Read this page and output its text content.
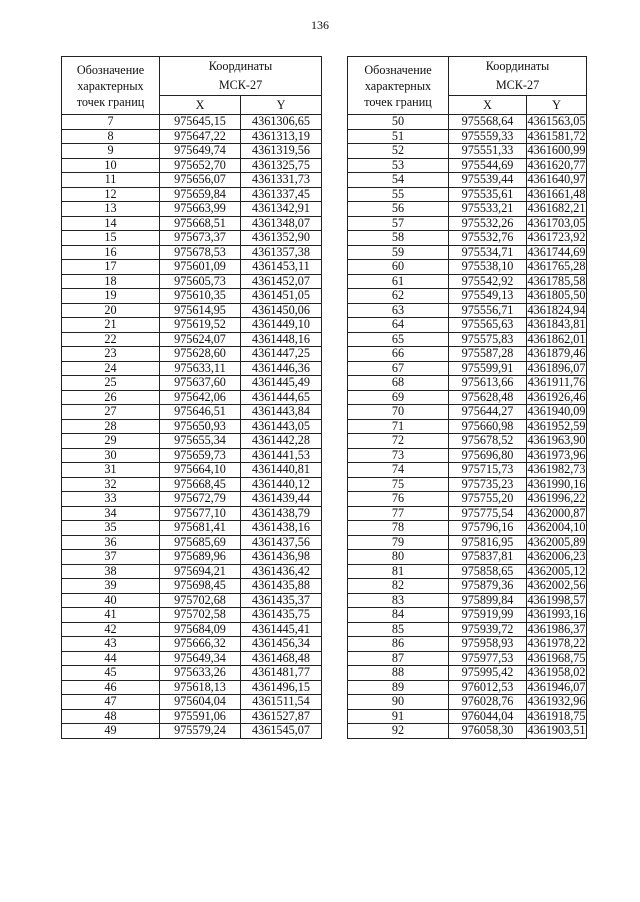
136
Обозначение
характерных
точек границ	Координаты
МСК-27	
	X	Y
7	975645,15	4361306,65
8	975647,22	4361313,19
9	975649,74	4361319,56
10	975652,70	4361325,75
11	975656,07	4361331,73
12	975659,84	4361337,45
13	975663,99	4361342,91
14	975668,51	4361348,07
15	975673,37	4361352,90
16	975678,53	4361357,38
17	975601,09	4361453,11
18	975605,73	4361452,07
19	975610,35	4361451,05
20	975614,95	4361450,06
21	975619,52	4361449,10
22	975624,07	4361448,16
23	975628,60	4361447,25
24	975633,11	4361446,36
25	975637,60	4361445,49
26	975642,06	4361444,65
27	975646,51	4361443,84
28	975650,93	4361443,05
29	975655,34	4361442,28
30	975659,73	4361441,53
31	975664,10	4361440,81
32	975668,45	4361440,12
33	975672,79	4361439,44
34	975677,10	4361438,79
35	975681,41	4361438,16
36	975685,69	4361437,56
37	975689,96	4361436,98
38	975694,21	4361436,42
39	975698,45	4361435,88
40	975702,68	4361435,37
41	975702,58	4361435,75
42	975684,09	4361445,41
43	975666,32	4361456,34
44	975649,34	4361468,48
45	975633,26	4361481,77
46	975618,13	4361496,15
47	975604,04	4361511,54
48	975591,06	4361527,87
49	975579,24	4361545,07
Обозначение
характерных
точек границ	Координаты
МСК-27	
	X	Y
50	975568,64	4361563,05
51	975559,33	4361581,72
52	975551,33	4361600,99
53	975544,69	4361620,77
54	975539,44	4361640,97
55	975535,61	4361661,48
56	975533,21	4361682,21
57	975532,26	4361703,05
58	975532,76	4361723,92
59	975534,71	4361744,69
60	975538,10	4361765,28
61	975542,92	4361785,58
62	975549,13	4361805,50
63	975556,71	4361824,94
64	975565,63	4361843,81
65	975575,83	4361862,01
66	975587,28	4361879,46
67	975599,91	4361896,07
68	975613,66	4361911,76
69	975628,48	4361926,46
70	975644,27	4361940,09
71	975660,98	4361952,59
72	975678,52	4361963,90
73	975696,80	4361973,96
74	975715,73	4361982,73
75	975735,23	4361990,16
76	975755,20	4361996,22
77	975775,54	4362000,87
78	975796,16	4362004,10
79	975816,95	4362005,89
80	975837,81	4362006,23
81	975858,65	4362005,12
82	975879,36	4362002,56
83	975899,84	4361998,57
84	975919,99	4361993,16
85	975939,72	4361986,37
86	975958,93	4361978,22
87	975977,53	4361968,75
88	975995,42	4361958,02
89	976012,53	4361946,07
90	976028,76	4361932,96
91	976044,04	4361918,75
92	976058,30	4361903,51
